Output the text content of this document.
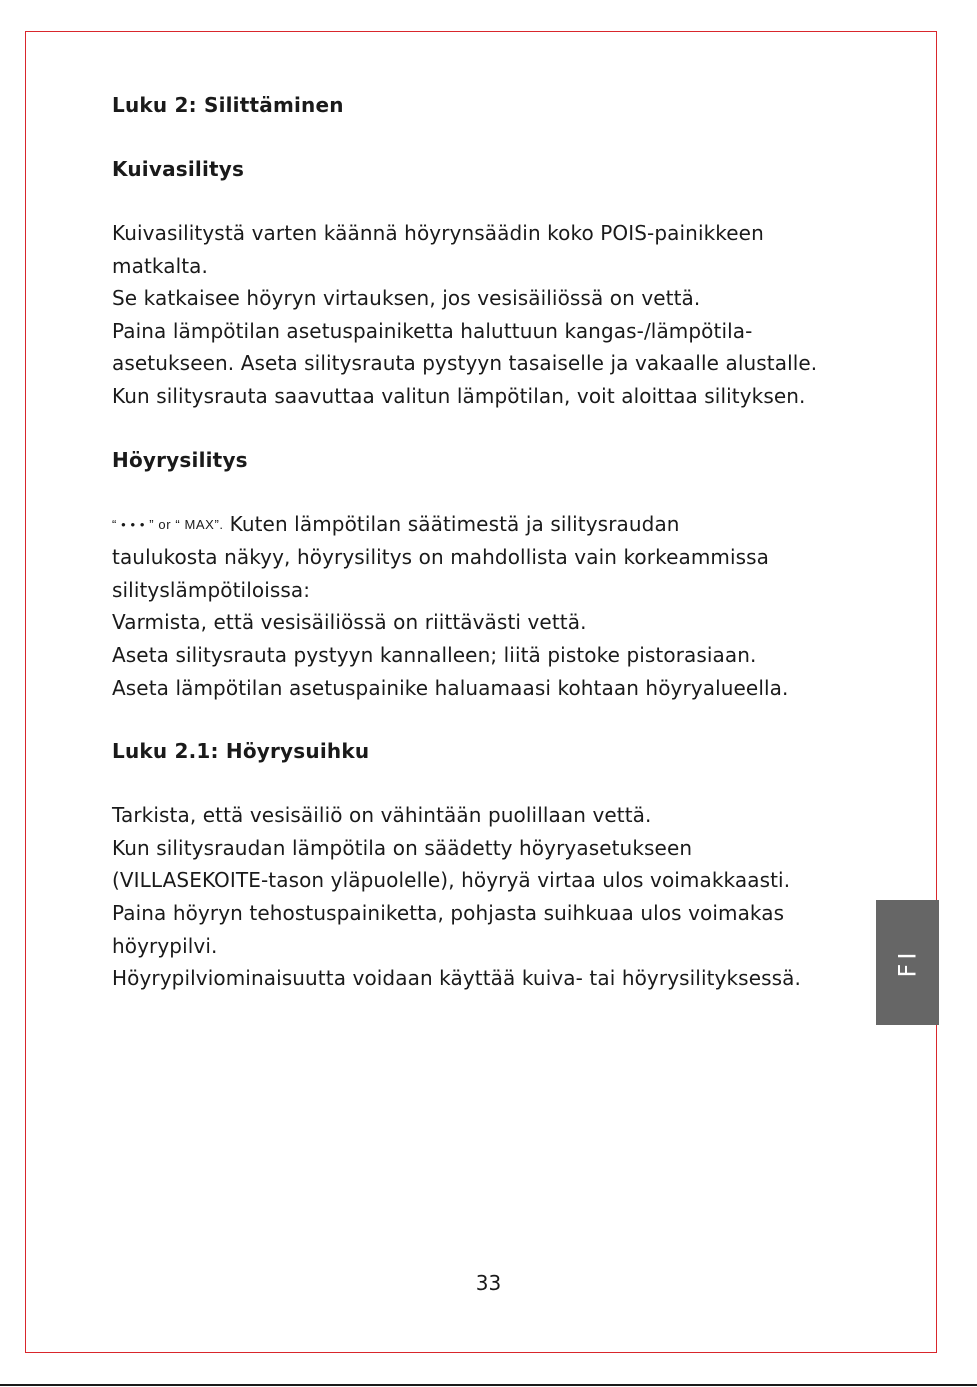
Luku 2: Silittäminen
Kuivasilitys

Kuivasilitystä varten käännä höyrynsäädin koko POIS-painikkeen
matkalta.
Se katkaisee höyryn virtauksen, jos vesisäiliössä on vettä.
Paina lämpötilan asetuspainiketta haluttuun kangas-/lämpötila-
asetukseen. Aseta silitysrauta pystyyn tasaiselle ja vakaalle alustalle.
Kun silitysrauta saavuttaa valitun lämpötilan, voit aloittaa silityksen.

Höyrysilitys

“ • • • ” or “ MAX”. Kuten lämpötilan säätimestä ja silitysraudan
taulukosta näkyy, höyrysilitys on mahdollista vain korkeammissa
silityslämpötiloissa:
Varmista, että vesisäiliössä on riittävästi vettä.
Aseta silitysrauta pystyyn kannalleen; liitä pistoke pistorasiaan.
Aseta lämpötilan asetuspainike haluamaasi kohtaan höyryalueella.

Luku 2.1: Höyrysuihku

Tarkista, että vesisäiliö on vähintään puolillaan vettä.
Kun silitysraudan lämpötila on säädetty höyryasetukseen
(VILLASEKOITE-tason yläpuolelle), höyryä virtaa ulos voimakkaasti.
Paina höyryn tehostuspainiketta, pohjasta suihkuaa ulos voimakas
höyrypilvi.
Höyrypilviominaisuutta voidaan käyttää kuiva- tai höyrysilityksessä.

FI
33
